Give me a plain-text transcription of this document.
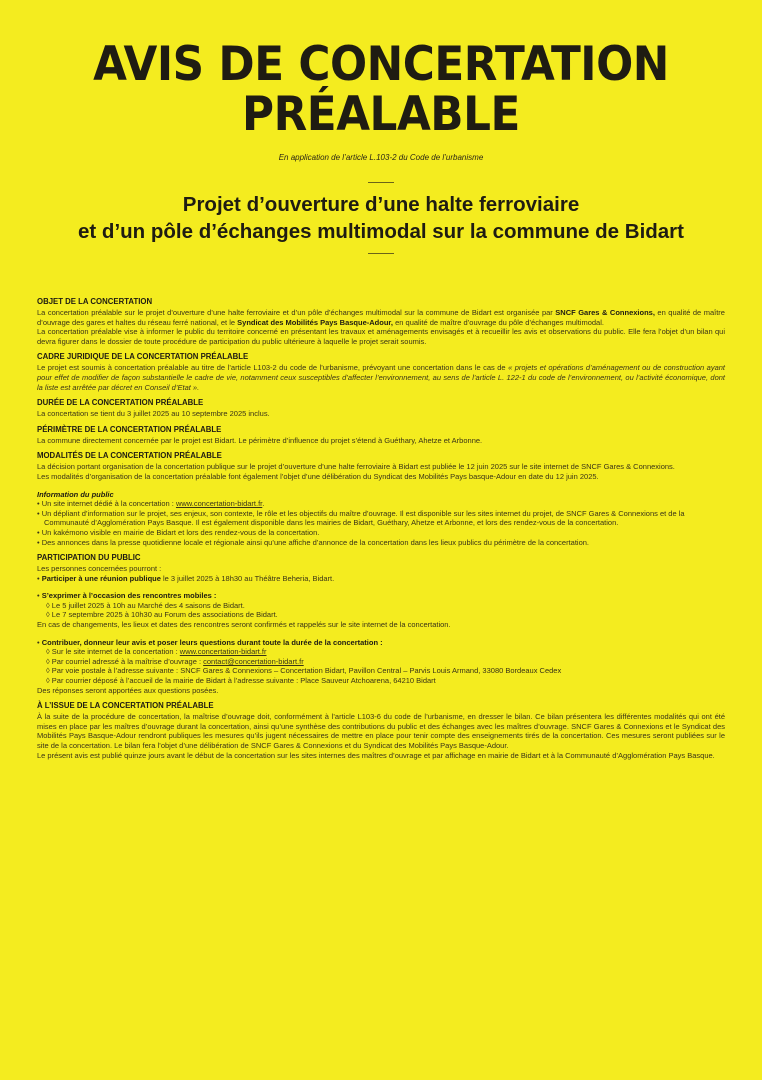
AVIS DE CONCERTATION
PRÉALABLE
En application de l’article L.103-2 du Code de l’urbanisme
Projet d’ouverture d’une halte ferroviaire
et d’un pôle d’échanges multimodal sur la commune de Bidart
OBJET DE LA CONCERTATION

La concertation préalable sur le projet d’ouverture d’une halte ferroviaire et d’un pôle d’échanges multimodal sur la commune de Bidart est organisée par SNCF Gares & Connexions, en qualité de maître d’ouvrage des gares et haltes du réseau ferré national, et le Syndicat des Mobilités Pays Basque-Adour, en qualité de maître d’ouvrage du pôle d’échanges multimodal.

La concertation préalable vise à informer le public du territoire concerné en présentant les travaux et aménagements envisagés et à recueillir les avis et observations du public. Elle fera l’objet d’un bilan qui devra figurer dans le dossier de toute procédure de participation du public ultérieure à laquelle le projet serait soumis.

CADRE JURIDIQUE DE LA CONCERTATION PRÉALABLE

Le projet est soumis à concertation préalable au titre de l’article L103-2 du code de l’urbanisme, prévoyant une concertation dans le cas de « projets et opérations d’aménagement ou de construction ayant pour effet de modifier de façon substantielle le cadre de vie, notamment ceux susceptibles d’affecter l’environnement, au sens de l’article L. 122-1 du code de l’environnement, ou l’activité économique, dont la liste est arrêtée par décret en Conseil d’Etat ».

DURÉE DE LA CONCERTATION PRÉALABLE

La concertation se tient du 3 juillet 2025 au 10 septembre 2025 inclus.

PÉRIMÈTRE DE LA CONCERTATION PRÉALABLE

La commune directement concernée par le projet est Bidart. Le périmètre d’influence du projet s’étend à Guéthary, Ahetze et Arbonne.

MODALITÉS DE LA CONCERTATION PRÉALABLE

La décision portant organisation de la concertation publique sur le projet d’ouverture d’une halte ferroviaire à Bidart est publiée le 12 juin 2025 sur le site internet de SNCF Gares & Connexions.

Les modalités d’organisation de la concertation préalable font également l’objet d’une délibération du Syndicat des Mobilités Pays basque-Adour en date du 12 juin 2025.

Information du public
• Un site internet dédié à la concertation : www.concertation-bidart.fr.
• Un dépliant d’information sur le projet, ses enjeux, son contexte, le rôle et les objectifs du maître d’ouvrage. Il est disponible sur les sites internet du projet, de SNCF Gares & Connexions et de la Communauté d’Agglomération Pays Basque. Il est également disponible dans les mairies de Bidart, Guéthary, Ahetze et Arbonne, et lors des rendez-vous de la concertation.
• Un kakémono visible en mairie de Bidart et lors des rendez-vous de la concertation.
• Des annonces dans la presse quotidienne locale et régionale ainsi qu’une affiche d’annonce de la concertation dans les lieux publics du périmètre de la concertation.
PARTICIPATION DU PUBLIC

Les personnes concernées pourront :

• Participer à une réunion publique le 3 juillet 2025 à 18h30 au Théâtre Beheria, Bidart.
• S’exprimer à l’occasion des rencontres mobiles :
◊ Le 5 juillet 2025 à 10h au Marché des 4 saisons de Bidart.
◊ Le 7 septembre 2025 à 10h30 au Forum des associations de Bidart.

En cas de changements, les lieux et dates des rencontres seront confirmés et rappelés sur le site internet de la concertation.

• Contribuer, donneur leur avis et poser leurs questions durant toute la durée de la concertation :
◊ Sur le site internet de la concertation : www.concertation-bidart.fr
◊ Par courriel adressé à la maîtrise d’ouvrage : contact@concertation-bidart.fr
◊ Par voie postale à l’adresse suivante : SNCF Gares & Connexions – Concertation Bidart, Pavillon Central – Parvis Louis Armand, 33080 Bordeaux Cedex
◊ Par courrier déposé à l’accueil de la mairie de Bidart à l’adresse suivante : Place Sauveur Atchoarena, 64210 Bidart

Des réponses seront apportées aux questions posées.

À L’ISSUE DE LA CONCERTATION PRÉALABLE

À la suite de la procédure de concertation, la maîtrise d’ouvrage doit, conformément à l’article L103-6 du code de l’urbanisme, en dresser le bilan. Ce bilan présentera les différentes modalités qui ont été mises en place par les maîtres d’ouvrage durant la concertation, ainsi qu’une synthèse des contributions du public et des échanges avec les maîtres d’ouvrage. SNCF Gares & Connexions et le Syndicat des Mobilités Pays Basque-Adour rendront publiques les mesures qu’ils jugent nécessaires de mettre en place pour tenir compte des enseignements tirés de la concertation. Ces mesures seront publiées sur le site de la concertation. Le bilan fera l’objet d’une délibération de SNCF Gares & Connexions et du Syndicat des Mobilités Pays Basque-Adour.

Le présent avis est publié quinze jours avant le début de la concertation sur les sites internes des maîtres d’ouvrage et par affichage en mairie de Bidart et à la Communauté d’Agglomération Pays Basque.
